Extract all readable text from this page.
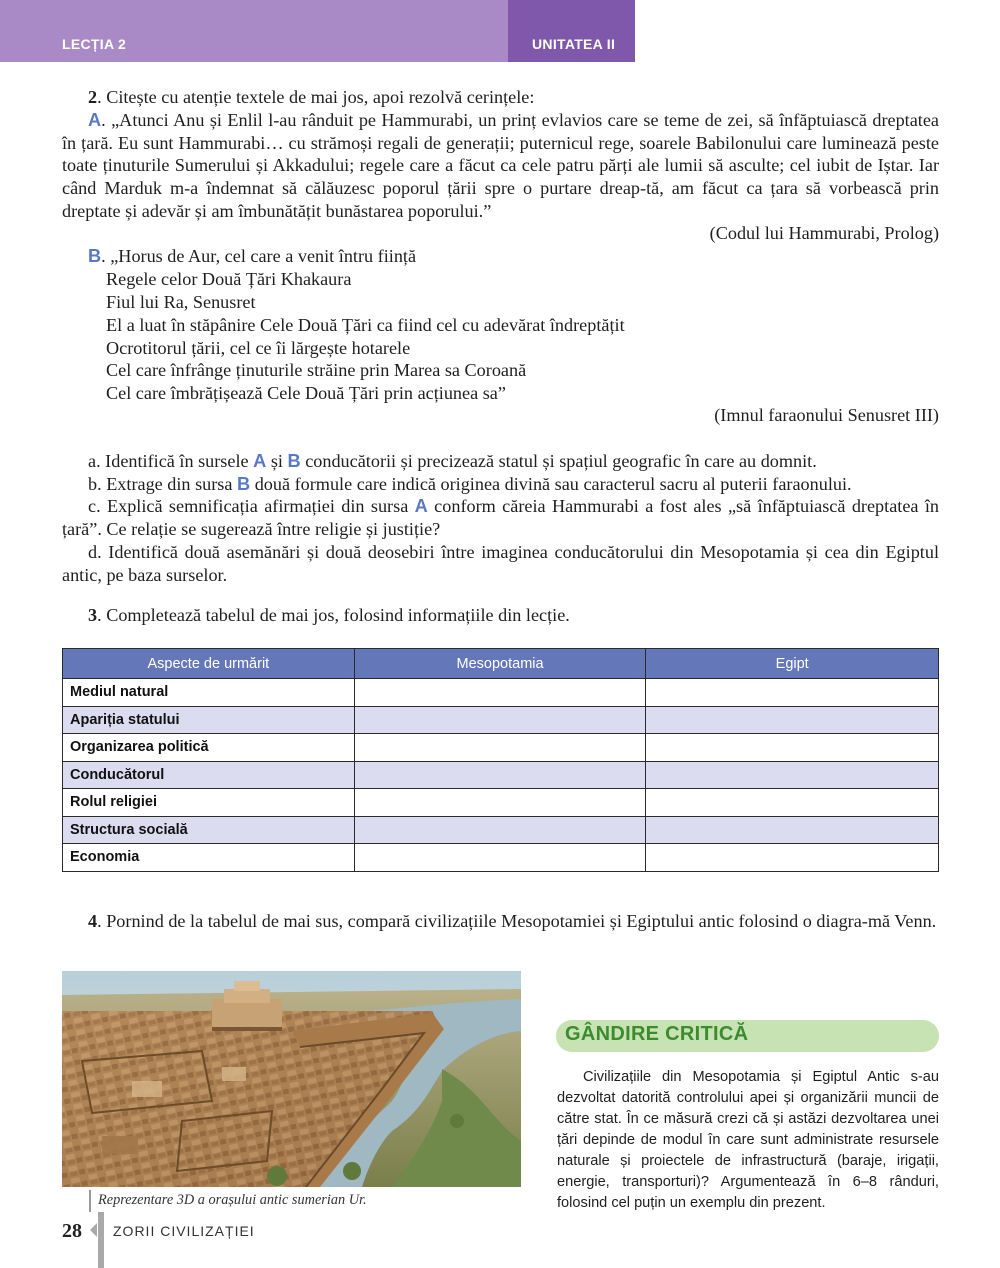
LECȚIA 2	UNITATEA II
2. Citește cu atenție textele de mai jos, apoi rezolvă cerințele:
A. „Atunci Anu și Enlil l-au rânduit pe Hammurabi, un prinț evlavios care se teme de zei, să înfăptuiască dreptatea în țară. Eu sunt Hammurabi… cu strămoși regali de generații; puternicul rege, soarele Babilonului care luminează peste toate ținuturile Sumerului și Akkadului; regele care a făcut ca cele patru părți ale lumii să asculte; cel iubit de Iștar. Iar când Marduk m-a îndemnat să călăuzesc poporul țării spre o purtare dreap-tă, am făcut ca țara să vorbească prin dreptate și adevăr și am îmbunătățit bunăstarea poporului.”
(Codul lui Hammurabi, Prolog)
B. „Horus de Aur, cel care a venit întru ființă
Regele celor Două Țări Khakaura
Fiul lui Ra, Senusret
El a luat în stăpânire Cele Două Țări ca fiind cel cu adevărat îndreptățit
Ocrotitorul țării, cel ce îi lărgește hotarele
Cel care înfrânge ținuturile străine prin Marea sa Coroană
Cel care îmbrățișează Cele Două Țări prin acțiunea sa”
(Imnul faraonului Senusret III)
a. Identifică în sursele A și B conducătorii și precizează statul și spațiul geografic în care au domnit.
b. Extrage din sursa B două formule care indică originea divină sau caracterul sacru al puterii faraonului.
c. Explică semnificația afirmației din sursa A conform căreia Hammurabi a fost ales „să înfăptuiască dreptatea în țară”. Ce relație se sugerează între religie și justiție?
d. Identifică două asemănări și două deosebiri între imaginea conducătorului din Mesopotamia și cea din Egiptul antic, pe baza surselor.
3. Completează tabelul de mai jos, folosind informațiile din lecție.
Aspecte de urmărit	Mesopotamia	Egipt
Mediul natural		
Apariția statului		
Organizarea politică		
Conducătorul		
Rolul religiei		
Structura socială		
Economia		
4. Pornind de la tabelul de mai sus, compară civilizațiile Mesopotamiei și Egiptului antic folosind o diagra-mă Venn.
Reprezentare 3D a orașului antic sumerian Ur.
GÂNDIRE CRITICĂ
Civilizațiile din Mesopotamia și Egiptul Antic s-au dezvoltat datorită controlului apei și organizării muncii de către stat. În ce măsură crezi că și astăzi dezvoltarea unei țări depinde de modul în care sunt administrate resursele naturale și proiectele de infrastructură (baraje, irigații, energie, transporturi)? Argumentează în 6–8 rânduri, folosind cel puțin un exemplu din prezent.
28 ZORII CIVILIZAȚIEI
